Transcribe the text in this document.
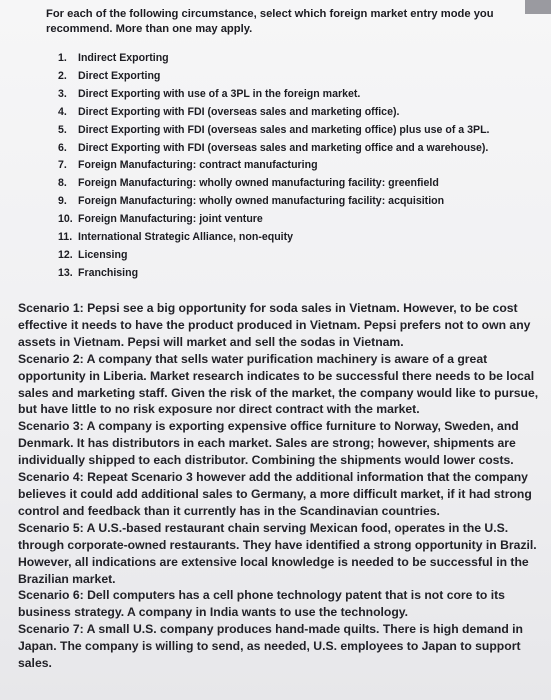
For each of the following circumstance, select which foreign market entry mode you recommend. More than one may apply.
1. Indirect Exporting
2. Direct Exporting
3. Direct Exporting with use of a 3PL in the foreign market.
4. Direct Exporting with FDI (overseas sales and marketing office).
5. Direct Exporting with FDI (overseas sales and marketing office) plus use of a 3PL.
6. Direct Exporting with FDI (overseas sales and marketing office and a warehouse).
7. Foreign Manufacturing: contract manufacturing
8. Foreign Manufacturing: wholly owned manufacturing facility: greenfield
9. Foreign Manufacturing: wholly owned manufacturing facility: acquisition
10. Foreign Manufacturing: joint venture
11. International Strategic Alliance, non-equity
12. Licensing
13. Franchising

Scenario 1: Pepsi see a big opportunity for soda sales in Vietnam. However, to be cost effective it needs to have the product produced in Vietnam. Pepsi prefers not to own any assets in Vietnam. Pepsi will market and sell the sodas in Vietnam.

Scenario 2: A company that sells water purification machinery is aware of a great opportunity in Liberia. Market research indicates to be successful there needs to be local sales and marketing staff. Given the risk of the market, the company would like to pursue, but have little to no risk exposure nor direct contract with the market.

Scenario 3: A company is exporting expensive office furniture to Norway, Sweden, and Denmark. It has distributors in each market. Sales are strong; however, shipments are individually shipped to each distributor. Combining the shipments would lower costs.

Scenario 4: Repeat Scenario 3 however add the additional information that the company believes it could add additional sales to Germany, a more difficult market, if it had strong control and feedback than it currently has in the Scandinavian countries.

Scenario 5: A U.S.-based restaurant chain serving Mexican food, operates in the U.S. through corporate-owned restaurants. They have identified a strong opportunity in Brazil. However, all indications are extensive local knowledge is needed to be successful in the Brazilian market.

Scenario 6: Dell computers has a cell phone technology patent that is not core to its business strategy. A company in India wants to use the technology.

Scenario 7: A small U.S. company produces hand-made quilts. There is high demand in Japan. The company is willing to send, as needed, U.S. employees to Japan to support sales.
